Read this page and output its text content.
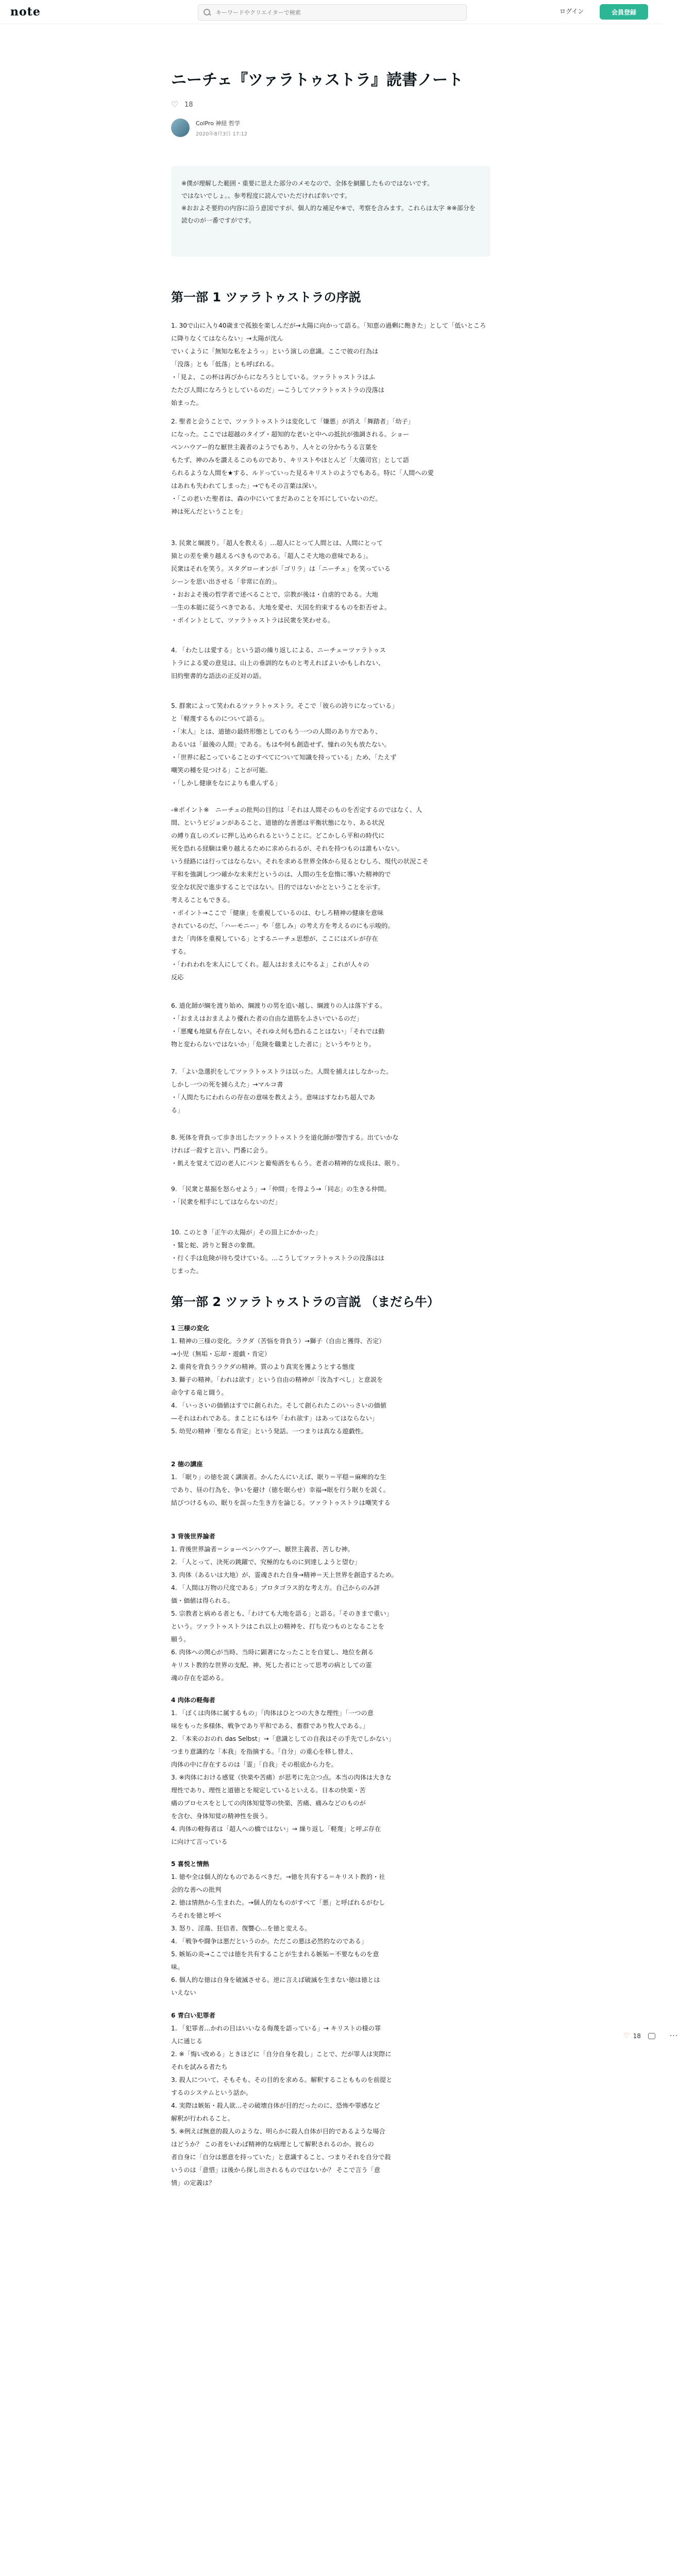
note
キーワードやクリエイターで検索	ログイン	会員登録
ニーチェ『ツァラトゥストラ』読書ノート
♡
18
ColPro 神経 哲学
2020年8月3日 17:12

※僕が理解した範囲・重要に思えた部分のメモなので、全体を網羅したものではないです。

ではないでしょ。、参考程度に読んでいただければ幸いです。

※おおよそ要約の内容に沿う意図ですが、個人的な補足や※で、考察を含みます。これらは太字 ※※部分を読むのが一番ですがです。

第一部 1 ツァラトゥストラの序説

1. 30で山に入り40歳まで孤独を楽しんだが→太陽に向かって語る。「知恵の過剰に飽きた」として「低いところに降りなくてはならない」→太陽が沈ん

でいくように「無知な私をようっ」という演しの意識。ここで彼の行為は

「没落」とも「低落」とも呼ばれる。

・「見よ、この杯は再びからになろうとしている。ツァラトゥストラはふ

たたび人間になろうとしているのだ」—こうしてツァラトゥストラの没落は

始まった。

2. 聖者と会うことで、ツァラトゥストラは変化して「嫌悪」が消え「舞踏者」「幼子」

になった。ここでは超越のタイプ・超知的な老いと中への抵抗が強調される。ショー

ペンハウアー的な厭世主義者のようでもあり、人々との分かちうる言葉を

もたず、神のみを讃えるこのものであり、キリストやほとんど「大儀司官」として語

られるような人間を★する、ルドっていった見るキリストのようでもある。特に「人間への愛

はあれも失われてしまった」→でもその言葉は深い。

・「この老いた聖者は、森の中にいてまだあのことを耳にしていないのだ。

神は死んだということを」

3. 民衆と綱渡り。「超人を教える」…超人にとって人間とは、人間にとって

猿との差を乗り越えるべきものである。「超人こそ大地の意味である」。

民衆はそれを笑う。スタグローオンが「ゴリラ」は「ニーチェ」を笑っている

シーンを思い出させる「非常に在的」。

・おおよそ後の哲学者で述べることで、宗教が後は・自虐的である。大地

一生の本能に従うべきである。大地を愛せ、天国を約束するものを拒否せよ。

・ポイントとして、ツァラトゥストラは民衆を笑わせる。

4. 「わたしは愛する」という語の繰り返しによる、ニーチェ＝ツァラトゥス

トラによる愛の意見は、山上の垂訓的なものと考えればよいかもしれない、

旧約聖書的な語法の正反対の語。

5. 群衆によって笑われるツァラトゥストラ。そこで「彼らの誇りになっている」

と「軽蔑するものについて語る」。

・「末人」とは、道徳の最終形態としてのもう一つの人間のあり方であり、

あるいは「最後の人間」である。もはや何も創造せず、憧れの矢も放たない。

・「世界に起こっていることのすべてについて知識を持っている」ため、「たえず

嘲笑の種を見つける」ことが可能。

・「しかし健康をなによりも重んずる」

-※ポイント※　ニーチェの批判の目的は「それは人間そのものを否定するのではなく、人

間、というビジョンがあること、道徳的な善悪は平衡状態になり、ある状況

の縛り直しのズレに押し込められるということに。どこかしら平和の時代に

死を恐れる経験は乗り越えるために求められるが、それを持つものは誰もいない。

いう経路には行ってはならない。それを求める世界全体から見るとむしろ、現代の状況こそ

平和を強調しつつ確かな未来だというのは、人間の生を怠惰に導いた精神的で

安全な状況で進歩することではない。目的ではないかとということを示す。

考えることもできる。

・ポイント→ここで「健康」を重視しているのは、むしろ精神の健康を意味

されているのだ、「ハーモニー」や「慈しみ」の考え方を考えるのにも示唆的。

また「肉体を重視している」とするニーチェ思想が、ここにはズレが存在

する。

・「われわれを末人にしてくれ。超人はおまえにやるよ」これが人々の

反応

6. 道化師が綱を渡り始め、綱渡りの男を追い越し、綱渡りの人は落下する。

・「おまえはおまえより優れた者の自由な道筋をふさいでいるのだ」

・「悪魔も地獄も存在しない。それゆえ何も恐れることはない」「それでは動

物と変わらないではないか」「危険を職業とした者に」というやりとり。

7. 「よい急選択をしてツァラトゥストラは以った。人間を捕えはしなかった。

しかし一つの死を捕らえた」→マルコ書

・「人間たちにわれらの存在の意味を教えよう。意味はすなわち超人であ

る」

8. 死体を背負って歩き出したツァラトゥストラを道化師が警告する。出ていかな

ければ一殺すと言い、門番に会う。

・飢えを覚えて辺の老人にパンと葡萄酒をもらう。老者の精神的な成長は、眠り。

9. 「民衆と墓掘を怒らせよう」→「仲間」を得よう→「同志」の生きる仲間。

・「民衆を相手にしてはならないのだ」

10. このとき「正午の太陽が」その頂上にかかった」

・鷲と蛇、誇りと賢さの象徴。

・行く手は危険が待ち受けている。…こうしてツァラトゥストラの没落はは

じまった。

第一部 2 ツァラトゥストラの言説 （まだら牛）

1 三様の変化

1. 精神の三様の変化。ラクダ（苦悩を背負う）→獅子（自由と獲得、否定）

→小児（無垢・忘却・遊戯・肯定）

2. 重荷を背負うラクダの精神。質のより真実を獲ようとする態度

3. 獅子の精神。「われは欲す」という自由の精神が「汝為すべし」と意説を

命令する竜と闘う。

4. 「いっさいの価値はすでに創られた。そして創られたこのいっさいの価値

—それはわれである。まことにもはや「われ欲す」はあってはならない」

5. 幼児の精神「聖なる肯定」という発話。一つまりは真なる遊戯性。

2 徳の講座

1. 「眠り」の徳を説く講演者。かんたんにいえば、眠り＝平穏＝麻痺的な生

であり、昼の行為を、争いを避け（徳を眠らせ）幸福→眠を行う眠りを説く。

結びつけるもの、眠りを誤った生き方を論じる。ツァラトゥストラは嘲笑する

3 背後世界論者

1. 背後世界論者＝ショーペンハウアー、厭世主義者、苦しむ神。

2. 「人とって、決死の跳躍で、究極的なものに到達しようと望む」

3. 肉体（あるいは大地）が、霊魂された自身→精神＝天上世界を創造するため。

4. 「人間は万物の尺度である」プロタゴラス的な考え方。自己からのみ評

価・価値は得られる。

5. 宗教者と病める者とも、「わけても大地を語る」と語る。「そのきまで重い」

という。ツァラトゥストラはこれ以上の精神を、打ち克つものとなることを

願う。

6. 肉体への関心が当時、当時に顕著になったことを自覚し、地位を創る

キリスト教的な世界の支配、神、死した者にとって思考の病としての霊

魂の存在を認める。

4 肉体の軽侮者

1. 「ぼくは肉体に属するもの」「肉体はひとつの大きな理性」「一つの意

味をもった多様体、戦争であり平和である、畜群であり牧人である。」

2. 「本来のおのれ das Selbst」→「意識としての自我はその手先でしかない」

つまり意識的な「本我」を指摘する。「自分」の重心を移し替え、

肉体の中に存在するのは「霊」「自我」その根底から力を。

3. ※肉体における感覚（快楽や苦痛）が思考に先立つ点。本当の肉体は大きな

理性であり、理性と道徳とを規定しているといえる。日本の快楽・苦

痛のプロセスをとしての肉体知覚等の快楽、苦痛、痛みなどのものが

を含む、身体知覚の精神性を扱う。

4. 肉体の軽侮者は「超人への橋ではない」→ 繰り返し「軽蔑」と呼ぶ存在

に向けて言っている

5 喜悦と情熱

1. 徳や全は個人的なものであるべきだ。→徳を共有する＝キリスト教的・社

会的な善への批判

2. 徳は情熱から生まれた。→個人的なものがすべて「悪」と呼ばれるがむし

ろそれを徳と呼べ

3. 怒り、淫蕩、狂信者、復讐心…を徳と変える。

4. 「戦争や闘争は悪だというのか。ただこの悪は必然的なのである」

5. 嫉妬の炎→ここでは徳を共有することが生まれる嫉妬＝不要なものを意

味。

6. 個人的な徳は自身を破滅させる。逆に言えば破滅を生まない徳は徳とは

いえない

6 青白い犯罪者

1. 「犯罪者…かれの目はいいなる侮蔑を語っている」→ キリストの様の罪

人に通じる

2. ※「悔い改める」ときほどに「自分自身を殺し」ことで、だが罪人は実際に

それを試みる者たち

3. 殺人について、そもそも、その目的を求める。解釈することもものを前提と

するのシステムという話か。

4. 実際は嫉妬・殺人欲…その破壊自体が目的だったのに、恐怖や罪感など

解釈が行われること。

5. ※例えば無意的殺人のような、明らかに殺人自体が目的であるような場合

はどうか？ この者をいわば精神的な病理として解釈されるのか。彼らの

者自身に「自分は悪意を持っていた」と意識すること、つまりそれを自分で殺

いうのは「意惜」は後から探し出されるものではないか？ そこで言う「意

情」の定義は？

♡ 18	···
